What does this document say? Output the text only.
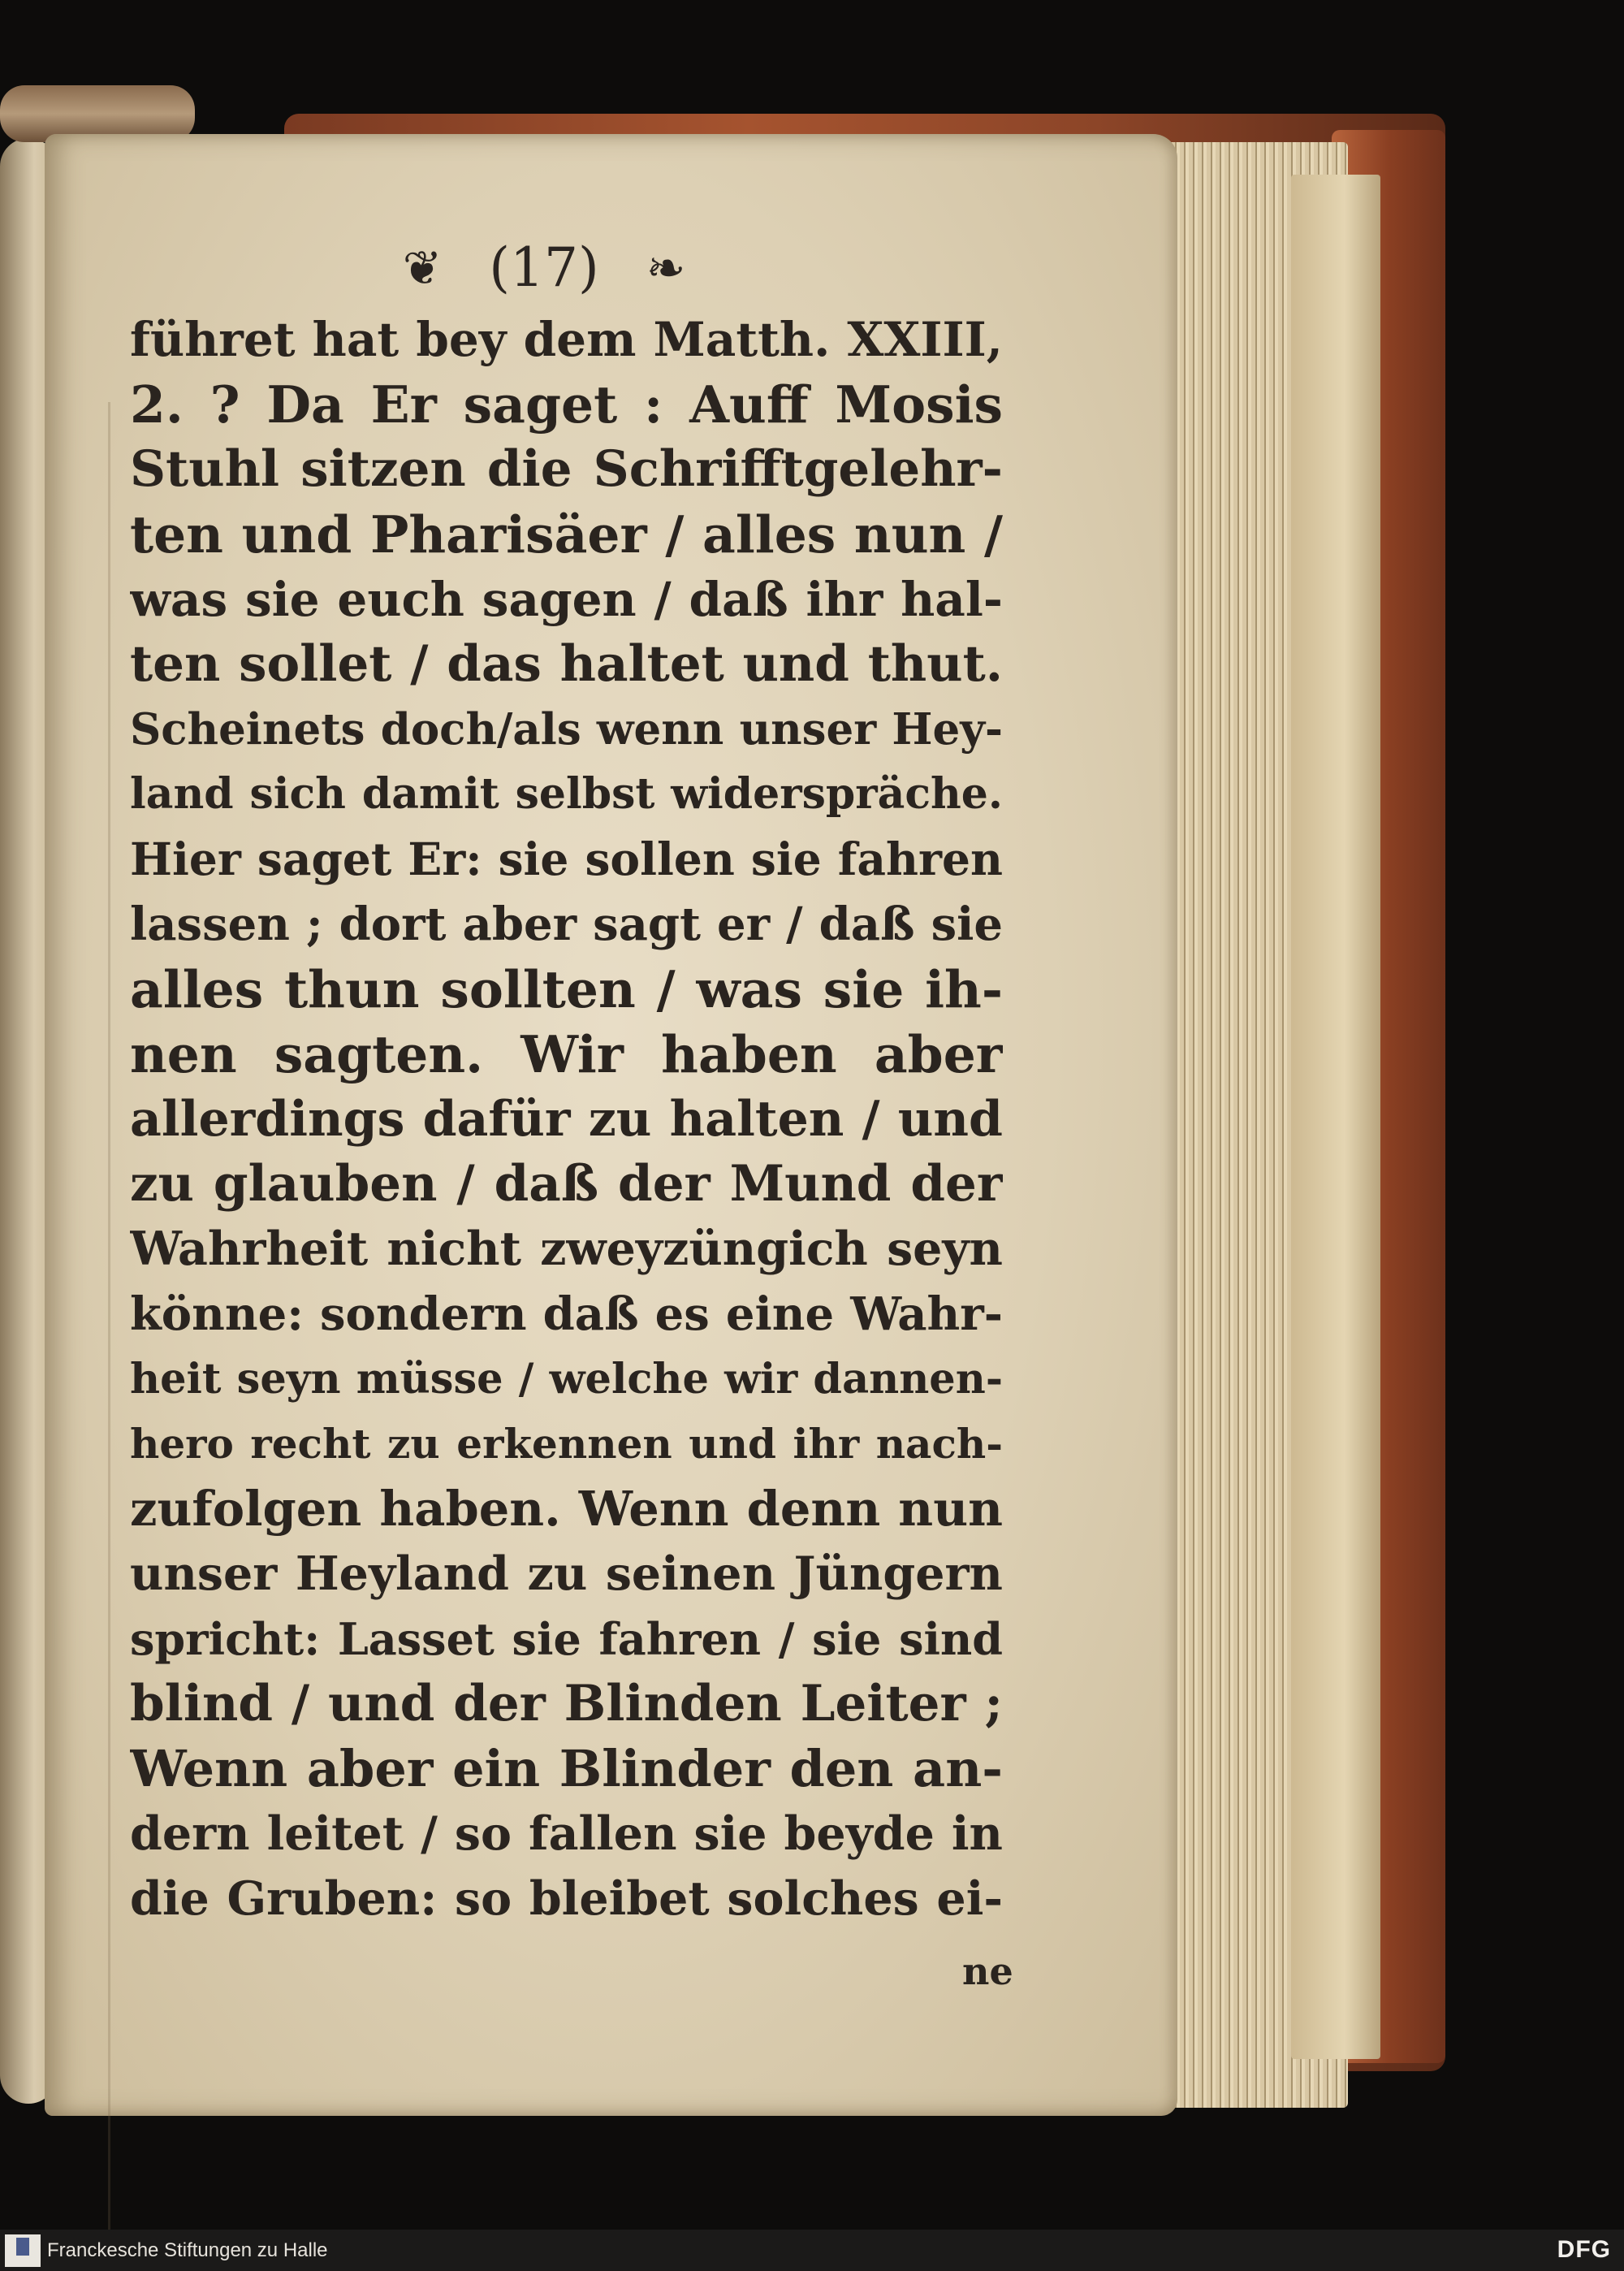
❦ (17) ❧
führet hat bey dem Matth. XXIII,
2. ? Da Er saget : Auff Mosis
Stuhl sitzen die Schrifftgelehr-
ten und Pharisäer / alles nun /
was sie euch sagen / daß ihr hal-
ten sollet / das haltet und thut.
Scheinets doch/als wenn unser Hey-
land sich damit selbst widerspräche.
Hier saget Er: sie sollen sie fahren
lassen ; dort aber sagt er / daß sie
alles thun sollten / was sie ih-
nen sagten. Wir haben aber
allerdings dafür zu halten / und
zu glauben / daß der Mund der
Wahrheit nicht zweyzüngich seyn
könne: sondern daß es eine Wahr-
heit seyn müsse / welche wir dannen-
hero recht zu erkennen und ihr nach-
zufolgen haben. Wenn denn nun
unser Heyland zu seinen Jüngern
spricht: Lasset sie fahren / sie sind
blind / und der Blinden Leiter ;
Wenn aber ein Blinder den an-
dern leitet / so fallen sie beyde in
die Gruben: so bleibet solches ei-
ne
Franckesche Stiftungen zu Halle	DFG
